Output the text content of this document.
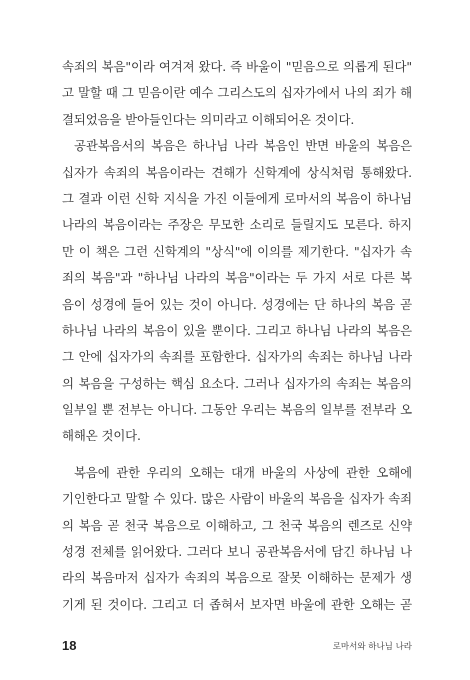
속죄의 복음"이라 여겨져 왔다. 즉 바울이 "믿음으로 의롭게 된다"
고 말할 때 그 믿음이란 예수 그리스도의 십자가에서 나의 죄가 해
결되었음을 받아들인다는 의미라고 이해되어온 것이다.
공관복음서의 복음은 하나님 나라 복음인 반면 바울의 복음은
십자가 속죄의 복음이라는 견해가 신학계에 상식처럼 통해왔다.
그 결과 이런 신학 지식을 가진 이들에게 로마서의 복음이 하나님
나라의 복음이라는 주장은 무모한 소리로 들릴지도 모른다. 하지
만 이 책은 그런 신학계의 "상식"에 이의를 제기한다. "십자가 속
죄의 복음"과 "하나님 나라의 복음"이라는 두 가지 서로 다른 복
음이 성경에 들어 있는 것이 아니다. 성경에는 단 하나의 복음 곧
하나님 나라의 복음이 있을 뿐이다. 그리고 하나님 나라의 복음은
그 안에 십자가의 속죄를 포함한다. 십자가의 속죄는 하나님 나라
의 복음을 구성하는 핵심 요소다. 그러나 십자가의 속죄는 복음의
일부일 뿐 전부는 아니다. 그동안 우리는 복음의 일부를 전부라 오
해해온 것이다.
복음에 관한 우리의 오해는 대개 바울의 사상에 관한 오해에
기인한다고 말할 수 있다. 많은 사람이 바울의 복음을 십자가 속죄
의 복음 곧 천국 복음으로 이해하고, 그 천국 복음의 렌즈로 신약
성경 전체를 읽어왔다. 그러다 보니 공관복음서에 담긴 하나님 나
라의 복음마저 십자가 속죄의 복음으로 잘못 이해하는 문제가 생
기게 된 것이다. 그리고 더 좁혀서 보자면 바울에 관한 오해는 곧
18	로마서와 하나님 나라
